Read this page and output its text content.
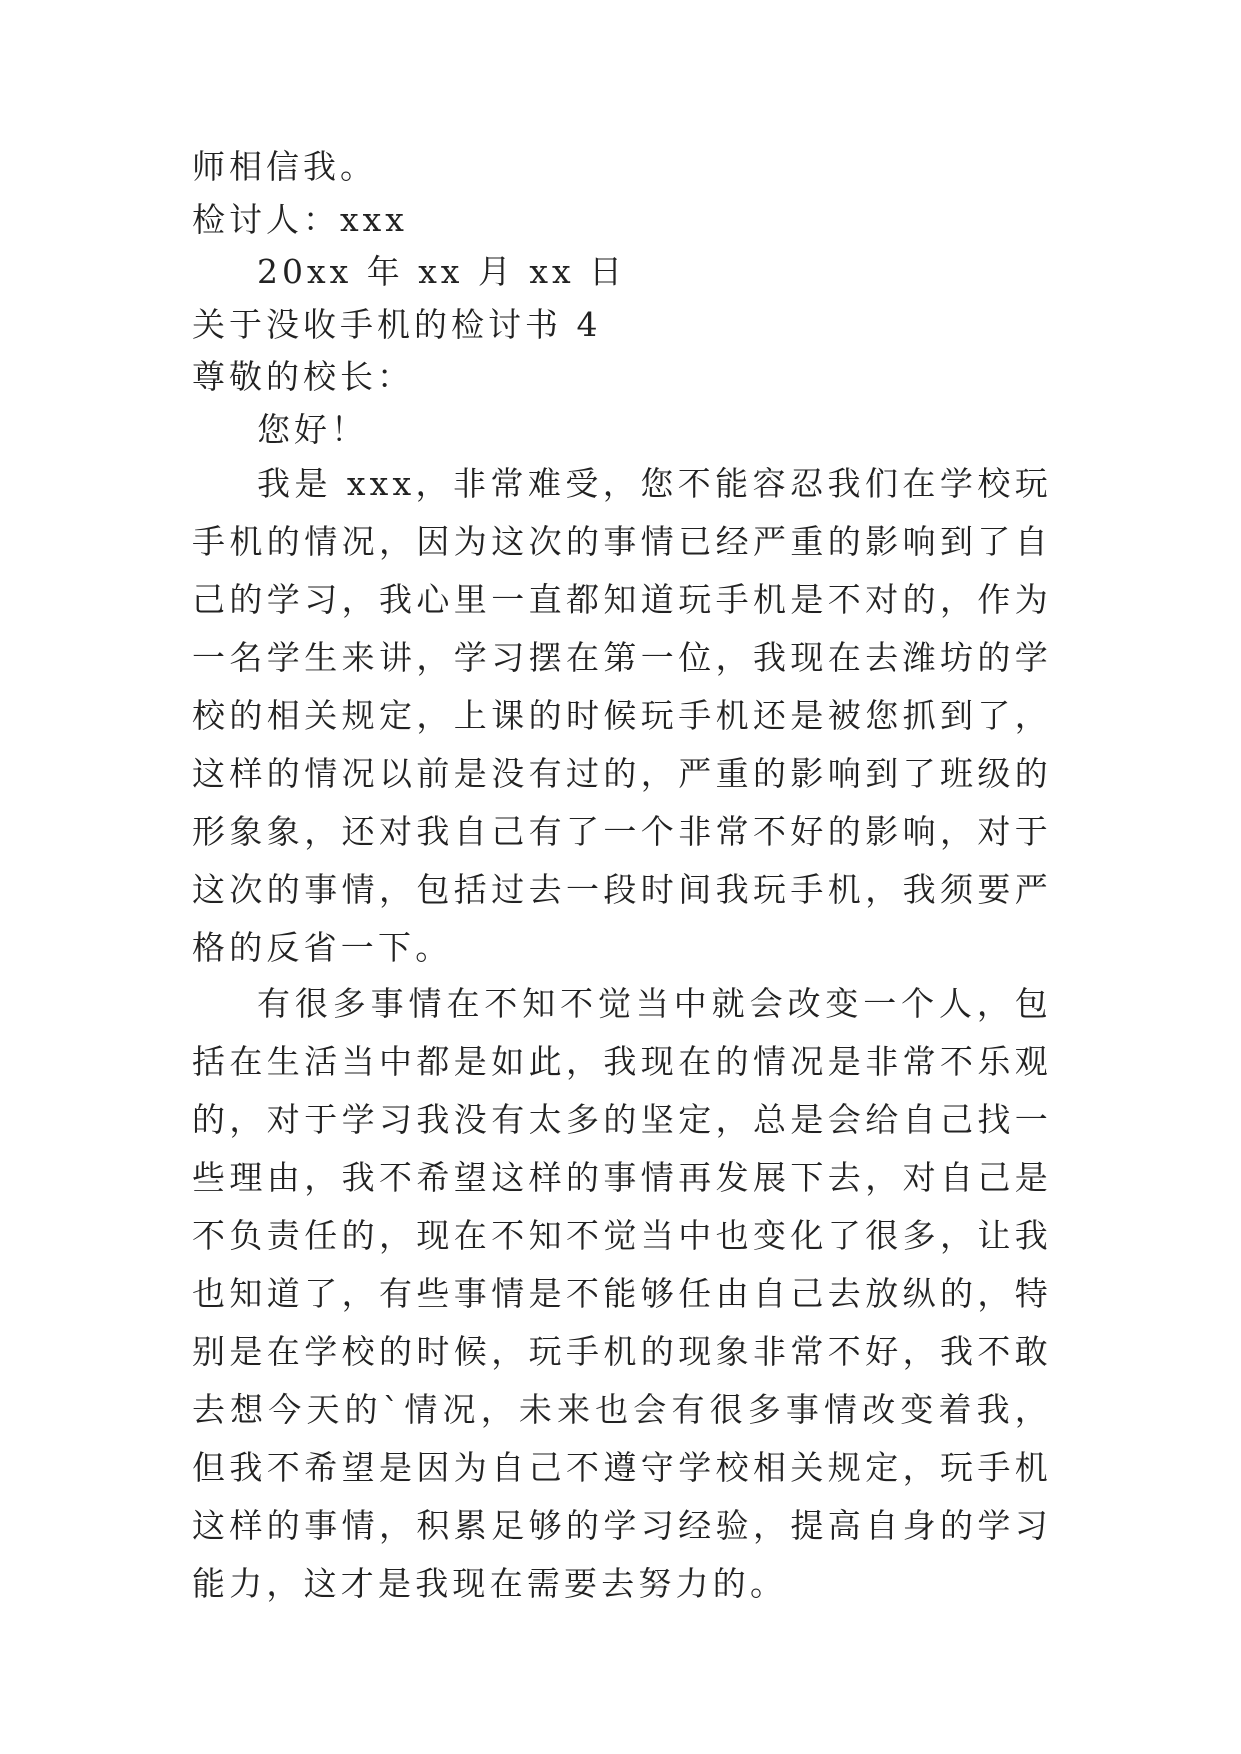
师相信我。
检讨人：xxx
20xx 年 xx 月 xx 日
关于没收手机的检讨书 4
尊敬的校长：
您好！

我是 xxx，非常难受，您不能容忍我们在学校玩手机的情况，因为这次的事情已经严重的影响到了自己的学习，我心里一直都知道玩手机是不对的，作为一名学生来讲，学习摆在第一位，我现在去潍坊的学校的相关规定，上课的时候玩手机还是被您抓到了，这样的情况以前是没有过的，严重的影响到了班级的形象象，还对我自己有了一个非常不好的影响，对于这次的事情，包括过去一段时间我玩手机，我须要严格的反省一下。

有很多事情在不知不觉当中就会改变一个人，包括在生活当中都是如此，我现在的情况是非常不乐观的，对于学习我没有太多的坚定，总是会给自己找一些理由，我不希望这样的事情再发展下去，对自己是不负责任的，现在不知不觉当中也变化了很多，让我也知道了，有些事情是不能够任由自己去放纵的，特别是在学校的时候，玩手机的现象非常不好，我不敢去想今天的`情况，未来也会有很多事情改变着我，但我不希望是因为自己不遵守学校相关规定，玩手机这样的事情，积累足够的学习经验，提高自身的学习能力，这才是我现在需要去努力的。
